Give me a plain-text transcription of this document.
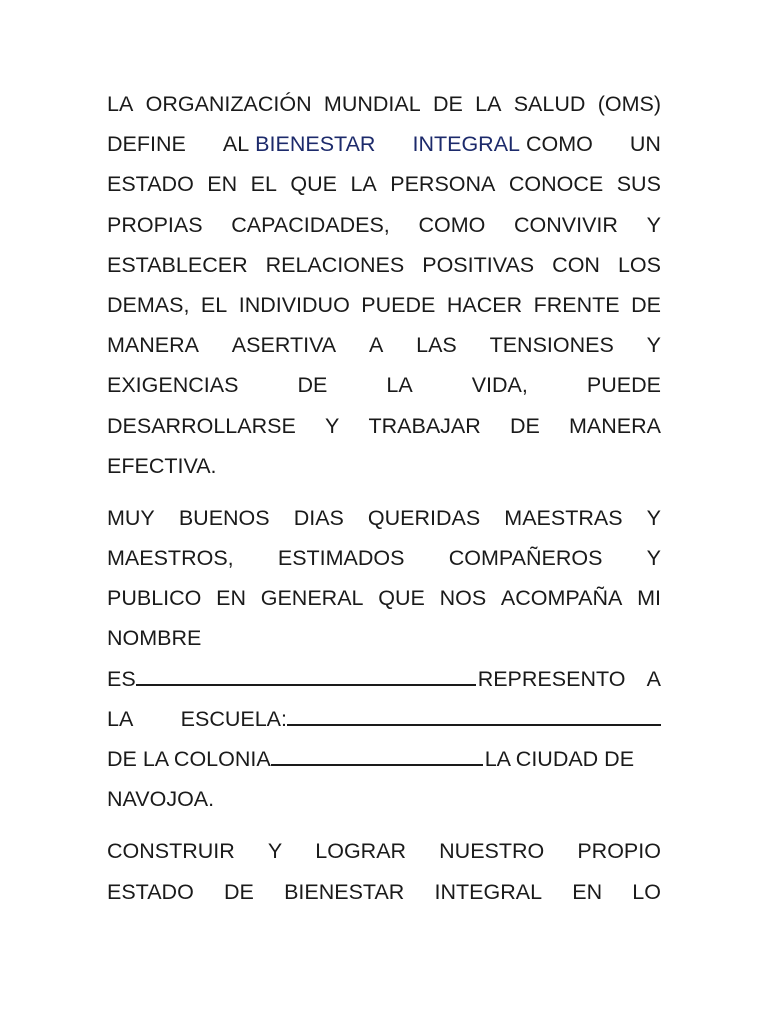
LA ORGANIZACIÓN MUNDIAL DE LA SALUD (OMS)
DEFINE AL
BIENESTAR INTEGRAL
COMO UN
ESTADO EN EL QUE LA PERSONA CONOCE SUS
PROPIAS CAPACIDADES, COMO CONVIVIR Y
ESTABLECER RELACIONES POSITIVAS CON LOS
DEMAS, EL INDIVIDUO PUEDE HACER FRENTE DE
MANERA ASERTIVA A LAS TENSIONES Y
EXIGENCIAS	DE	LA	VIDA,	PUEDE
DESARROLLARSE Y TRABAJAR DE MANERA
EFECTIVA.
MUY BUENOS DIAS QUERIDAS MAESTRAS Y
MAESTROS, ESTIMADOS COMPAÑEROS Y
PUBLICO EN GENERAL QUE NOS ACOMPAÑA MI
NOMBRE
ES	REPRESENTO A
LA ESCUELA:
DE LA COLONIA	LA CIUDAD DE
NAVOJOA.
CONSTRUIR Y LOGRAR NUESTRO PROPIO
ESTADO DE BIENESTAR INTEGRAL EN LO
